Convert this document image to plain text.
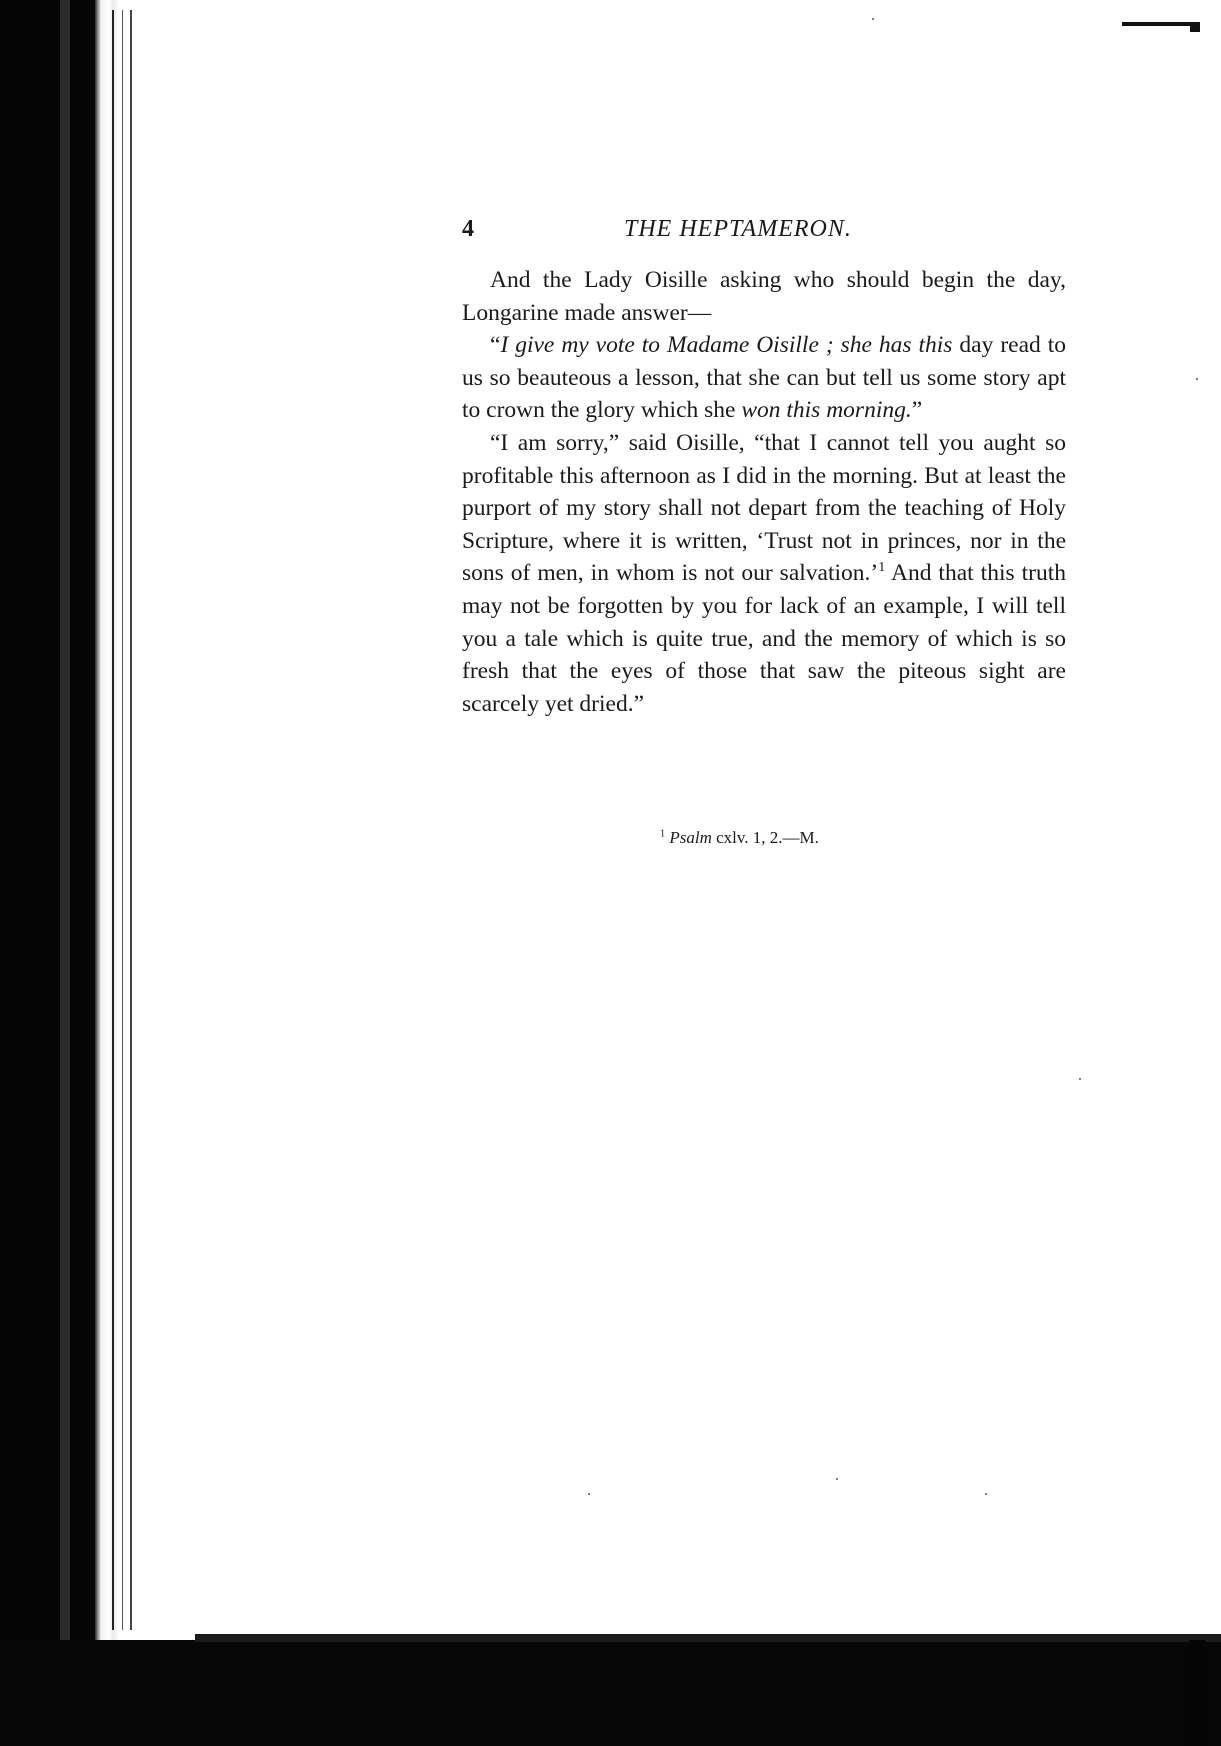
4	THE HEPTAMERON.

And the Lady Oisille asking who should begin the day, Longarine made answer—

“I give my vote to Madame Oisille ; she has this day read to us so beauteous a lesson, that she can but tell us some story apt to crown the glory which she won this morning.”

“I am sorry,” said Oisille, “that I cannot tell you aught so profitable this afternoon as I did in the morning. But at least the purport of my story shall not depart from the teaching of Holy Scripture, where it is written, ‘Trust not in princes, nor in the sons of men, in whom is not our salvation.’$^1$ And that this truth may not be forgotten by you for lack of an example, I will tell you a tale which is quite true, and the memory of which is so fresh that the eyes of those that saw the piteous sight are scarcely yet dried.”

$^1$ Psalm cxlv. 1, 2.—M.
